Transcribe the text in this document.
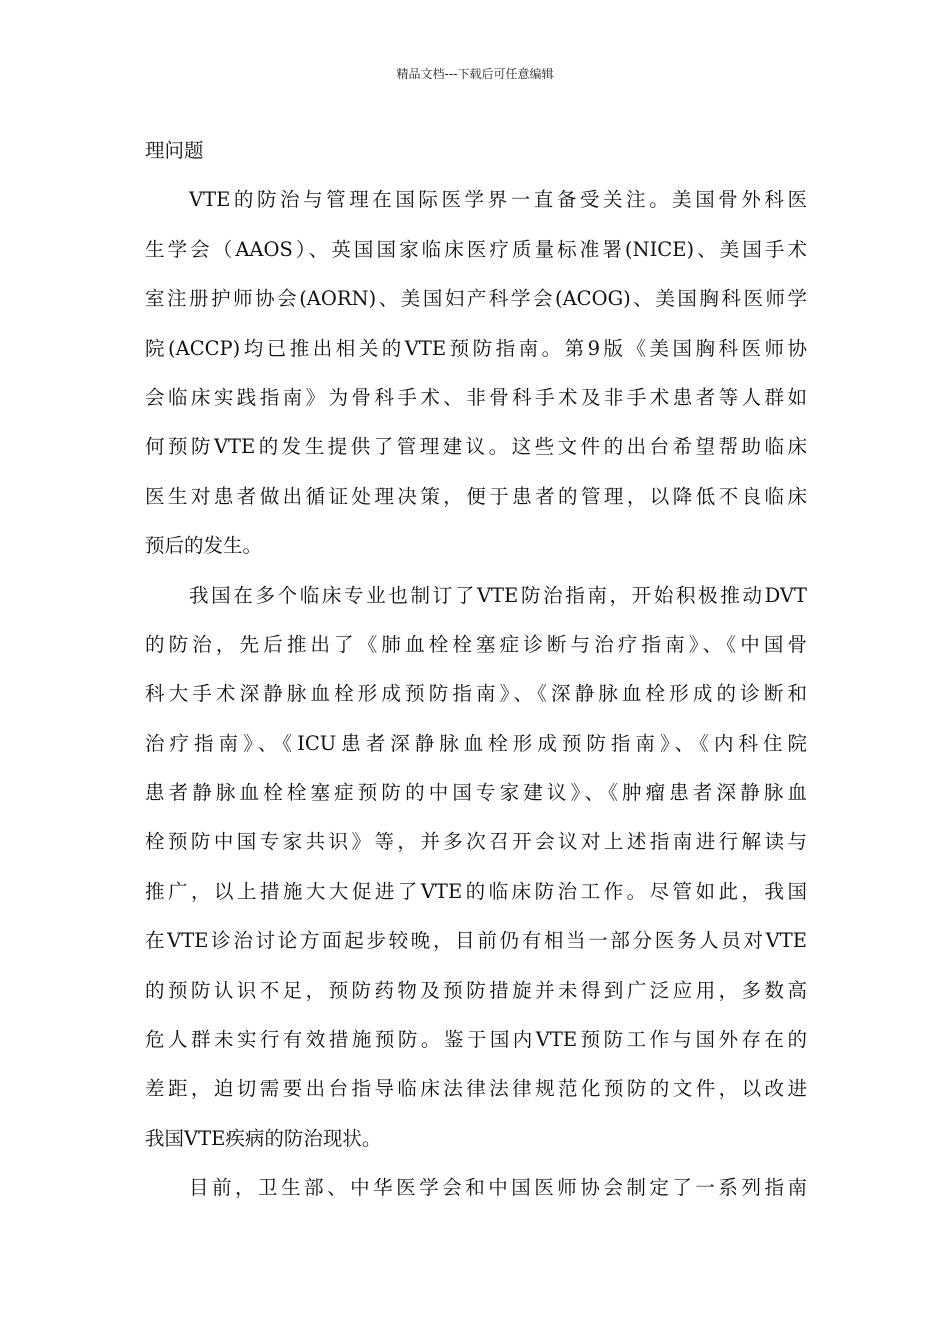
精品文档---下载后可任意编辑
理问题
VTE的防治与管理在国际医学界一直备受关注。美国骨外科医
生学会（AAOS）、英国国家临床医疗质量标准署(NICE)、美国手术
室注册护师协会(AORN)、美国妇产科学会(ACOG)、美国胸科医师学
院(ACCP)均已推出相关的VTE预防指南。第9版《美国胸科医师协
会临床实践指南》为骨科手术、非骨科手术及非手术患者等人群如
何预防VTE的发生提供了管理建议。这些文件的出台希望帮助临床
医生对患者做出循证处理决策，便于患者的管理，以降低不良临床
预后的发生。
我国在多个临床专业也制订了VTE防治指南，开始积极推动DVT
的防治，先后推出了《肺血栓栓塞症诊断与治疗指南》、《中国骨
科大手术深静脉血栓形成预防指南》、《深静脉血栓形成的诊断和
治疗指南》、《ICU患者深静脉血栓形成预防指南》、《内科住院
患者静脉血栓栓塞症预防的中国专家建议》、《肿瘤患者深静脉血
栓预防中国专家共识》等，并多次召开会议对上述指南进行解读与
推广，以上措施大大促进了VTE的临床防治工作。尽管如此，我国
在VTE诊治讨论方面起步较晚，目前仍有相当一部分医务人员对VTE
的预防认识不足，预防药物及预防措旋并未得到广泛应用，多数高
危人群未实行有效措施预防。鉴于国内VTE预防工作与国外存在的
差距，迫切需要出台指导临床法律法律规范化预防的文件，以改进
我国VTE疾病的防治现状。
目前，卫生部、中华医学会和中国医师协会制定了一系列指南
